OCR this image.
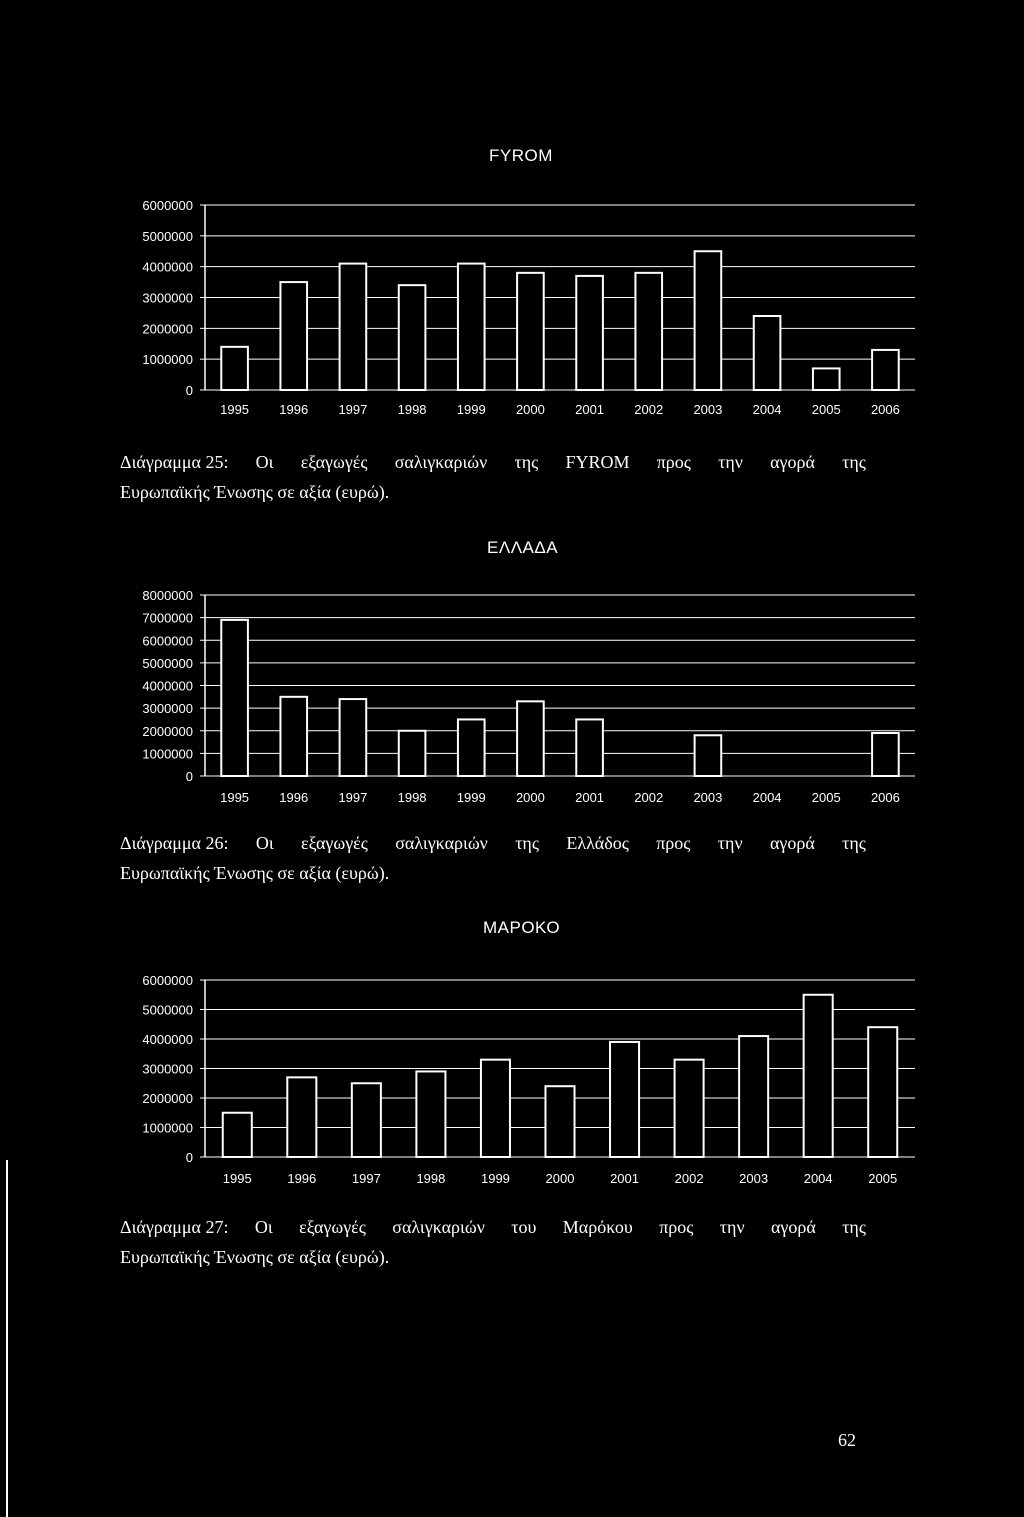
FYROM
0
1000000
2000000
3000000
4000000
5000000
6000000
1995 1996 1997 1998 1999 2000 2001 2002 2003 2004 2005 2006
Διάγραμμα 25: Οι εξαγωγές σαλιγκαριών της FYROM προς την αγορά της
Ευρωπαϊκής Ένωσης σε αξία (ευρώ).
ΕΛΛΑΔΑ
0
1000000
2000000
3000000
4000000
5000000
6000000
7000000
8000000
1995 1996 1997 1998 1999 2000 2001 2002 2003 2004 2005 2006
Διάγραμμα 26: Οι εξαγωγές σαλιγκαριών της Ελλάδος προς την αγορά της
Ευρωπαϊκής Ένωσης σε αξία (ευρώ).
ΜΑΡΟΚΟ
0
1000000
2000000
3000000
4000000
5000000
6000000
1995	1996	1997	1998	1999	2000	2001	2002	2003	2004	2005
Διάγραμμα 27: Οι εξαγωγές σαλιγκαριών του Μαρόκου προς την αγορά της
Ευρωπαϊκής Ένωσης σε αξία (ευρώ).
62
